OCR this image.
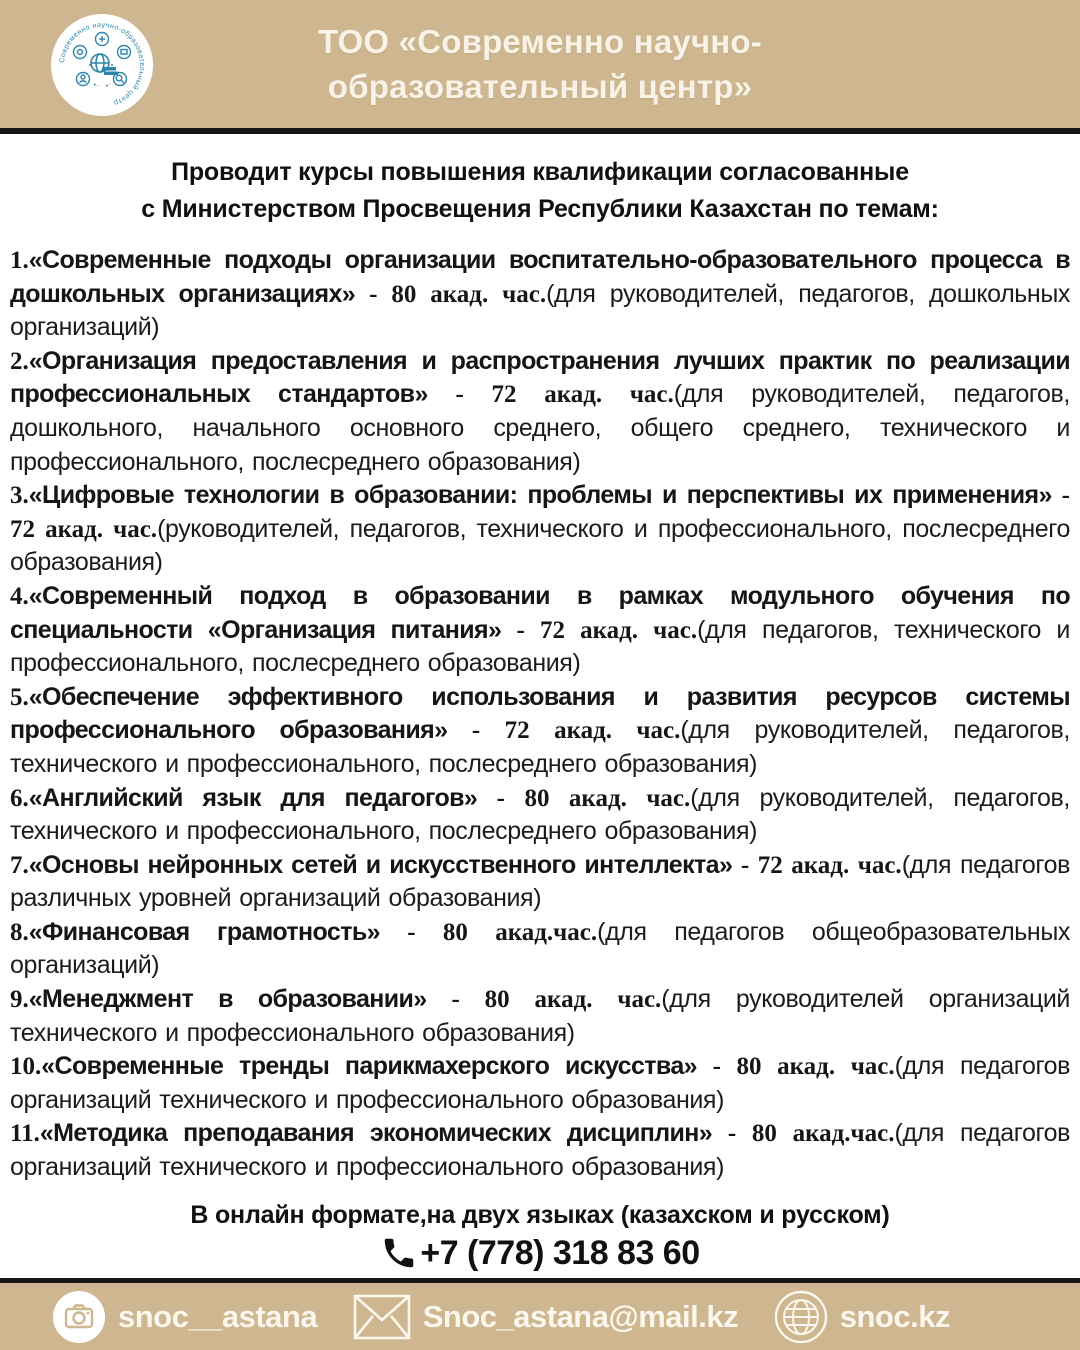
Современно научно-образовательный центр
ТОО «Современно научно-
образовательный центр»
Проводит курсы повышения квалификации согласованные
с Министерством Просвещения Республики Казахстан по темам:

1.«Современные подходы организации воспитательно-образовательного процесса в дошкольных организациях» - 80 акад. час.(для руководителей, педагогов, дошкольных организаций)

2.«Организация предоставления и распространения лучших практик по реализации профессиональных стандартов» - 72 акад. час.(для руководителей, педагогов, дошкольного, начального основного среднего, общего среднего, технического и профессионального, послесреднего образования)

3.«Цифровые технологии в образовании: проблемы и перспективы их применения» - 72 акад. час.(руководителей, педагогов, технического и профессионального, послесреднего образования)

4.«Современный подход в образовании в рамках модульного обучения по специальности «Организация питания» - 72 акад. час.(для педагогов, технического и профессионального, послесреднего образования)

5.«Обеспечение эффективного использования и развития ресурсов системы профессионального образования» - 72 акад. час.(для руководителей, педагогов, технического и профессионального, послесреднего образования)

6.«Английский язык для педагогов» - 80 акад. час.(для руководителей, педагогов, технического и профессионального, послесреднего образования)

7.«Основы нейронных сетей и искусственного интеллекта» - 72 акад. час.(для педагогов различных уровней организаций образования)

8.«Финансовая грамотность» - 80 акад.час.(для педагогов общеобразовательных организаций)

9.«Менеджмент в образовании» - 80 акад. час.(для руководителей организаций технического и профессионального образования)

10.«Современные тренды парикмахерского искусства» - 80 акад. час.(для педагогов организаций технического и профессионального образования)

11.«Методика преподавания экономических дисциплин» - 80 акад.час.(для педагогов организаций технического и профессионального образования)

В онлайн формате,на двух языках (казахском и русском)
+7 (778) 318 83 60
snoc__astana	Snoc_astana@mail.kz	snoc.kz
